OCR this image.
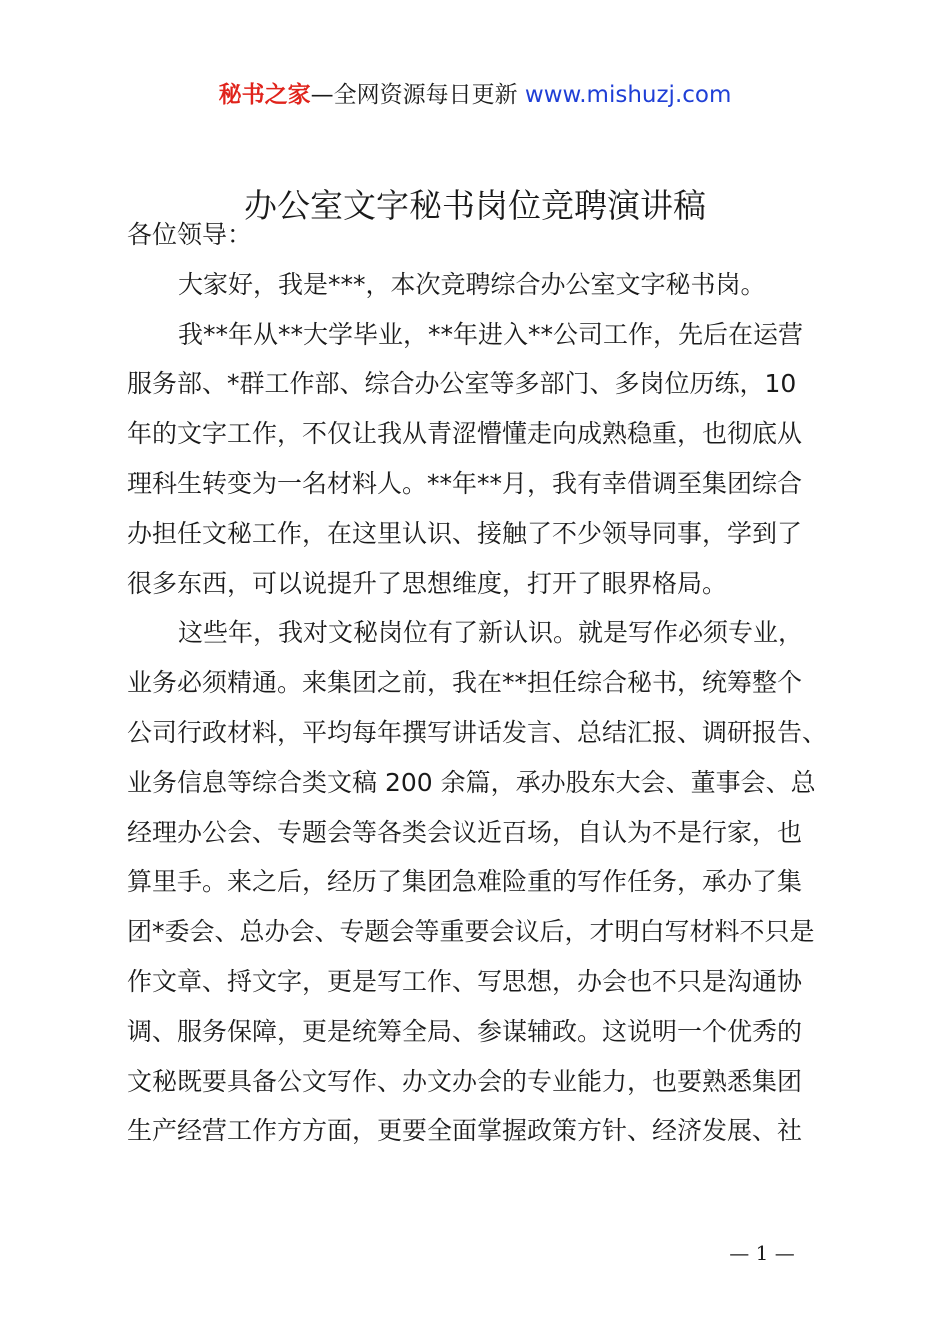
秘书之家—全网资源每日更新 www.mishuzj.com
办公室文字秘书岗位竞聘演讲稿
各位领导：
大家好，我是***，本次竞聘综合办公室文字秘书岗。
我**年从**大学毕业，**年进入**公司工作，先后在运营
服务部、*群工作部、综合办公室等多部门、多岗位历练，10
年的文字工作，不仅让我从青涩懵懂走向成熟稳重，也彻底从
理科生转变为一名材料人。**年**月，我有幸借调至集团综合
办担任文秘工作，在这里认识、接触了不少领导同事，学到了
很多东西，可以说提升了思想维度，打开了眼界格局。
这些年，我对文秘岗位有了新认识。就是写作必须专业，
业务必须精通。来集团之前，我在**担任综合秘书，统筹整个
公司行政材料，平均每年撰写讲话发言、总结汇报、调研报告、
业务信息等综合类文稿 200 余篇，承办股东大会、董事会、总
经理办公会、专题会等各类会议近百场，自认为不是行家，也
算里手。来之后，经历了集团急难险重的写作任务，承办了集
团*委会、总办会、专题会等重要会议后，才明白写材料不只是
作文章、捋文字，更是写工作、写思想，办会也不只是沟通协
调、服务保障，更是统筹全局、参谋辅政。这说明一个优秀的
文秘既要具备公文写作、办文办会的专业能力，也要熟悉集团
生产经营工作方方面，更要全面掌握政策方针、经济发展、社
— 1 —
